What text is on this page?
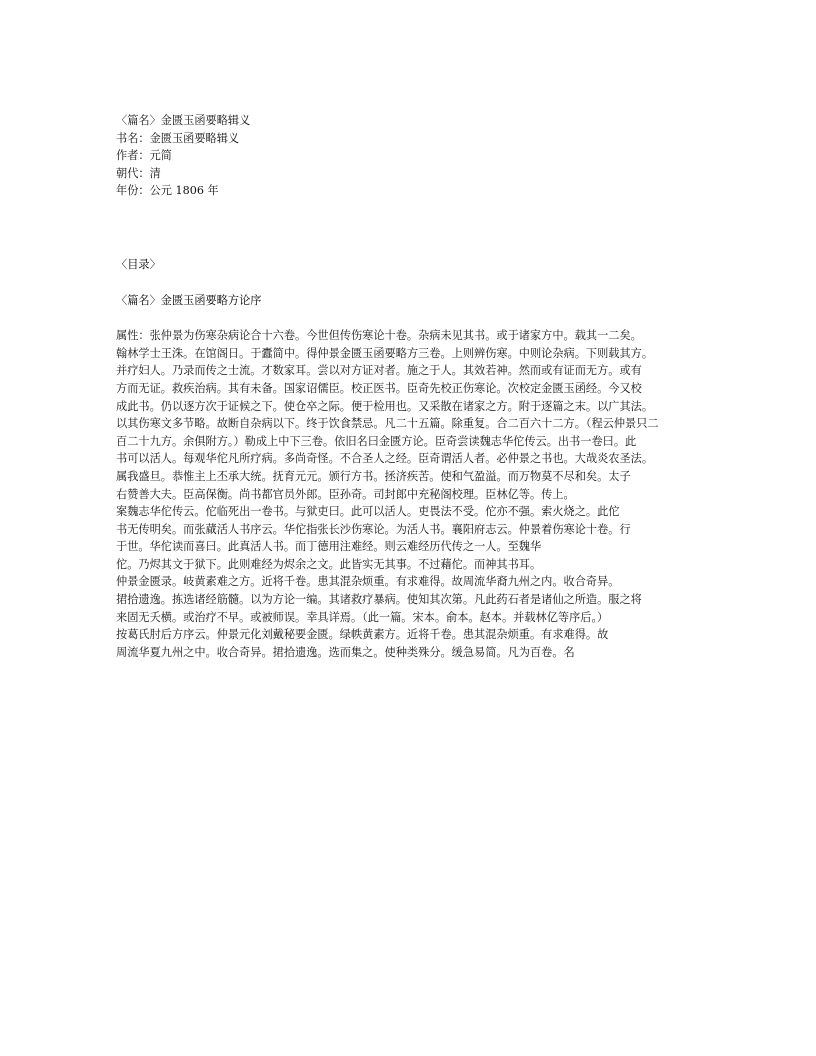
〈篇名〉金匮玉函要略辑义
书名：金匮玉函要略辑义
作者：元简
朝代：清
年份：公元 1806 年
〈目录〉
〈篇名〉金匮玉函要略方论序

属性：张仲景为伤寒杂病论合十六卷。今世但传伤寒论十卷。杂病未见其书。或于诸家方中。载其一二矣。

翰林学士王洙。在馆阁日。于蠹简中。得仲景金匮玉函要略方三卷。上则辨伤寒。中则论杂病。下则载其方。

并疗妇人。乃录而传之士流。才数家耳。尝以对方证对者。施之于人。其效若神。然而或有证而无方。或有

方而无证。救疾治病。其有未备。国家诏儒臣。校正医书。臣奇先校正伤寒论。次校定金匮玉函经。今又校

成此书。仍以逐方次于证候之下。使仓卒之际。便于检用也。又采散在诸家之方。附于逐篇之末。以广其法。

以其伤寒文多节略。故断自杂病以下。终于饮食禁忌。凡二十五篇。除重复。合二百六十二方。（程云仲景只二

百二十九方。余俱附方。）勒成上中下三卷。依旧名曰金匮方论。臣奇尝读魏志华佗传云。出书一卷曰。此

书可以活人。每观华佗凡所疗病。多尚奇怪。不合圣人之经。臣奇谓活人者。必仲景之书也。大哉炎农圣法。

属我盛旦。恭惟主上丕承大统。抚育元元。颁行方书。拯济疾苦。使和气盈溢。而万物莫不尽和矣。太子

右赞善大夫。臣高保衡。尚书都官员外郎。臣孙奇。司封郎中充秘阁校理。臣林亿等。传上。

案魏志华佗传云。佗临死出一卷书。与狱吏曰。此可以活人。吏畏法不受。佗亦不强。索火烧之。此佗

书无传明矣。而张蕆活人书序云。华佗指张长沙伤寒论。为活人书。襄阳府志云。仲景着伤寒论十卷。行

于世。华佗读而喜曰。此真活人书。而丁德用注难经。则云难经历代传之一人。至魏华

佗。乃烬其文于狱下。此则难经为烬余之文。此皆实无其事。不过藉佗。而神其书耳。

仲景金匮录。岐黄素难之方。近将千卷。患其混杂烦重。有求难得。故周流华裔九州之内。收合奇异。

捃拾遗逸。拣选诸经筋髓。以为方论一编。其诸救疗暴病。使知其次第。凡此药石者是诸仙之所造。服之将

来固无夭横。或治疗不早。或被师误。幸具详焉。（此一篇。宋本。俞本。赵本。并载林亿等序后。）

按葛氏肘后方序云。仲景元化刘戴秘要金匮。绿帙黄素方。近将千卷。患其混杂烦重。有求难得。故

周流华夏九州之中。收合奇异。捃拾遗逸。选而集之。使种类殊分。缓急易简。凡为百卷。名
